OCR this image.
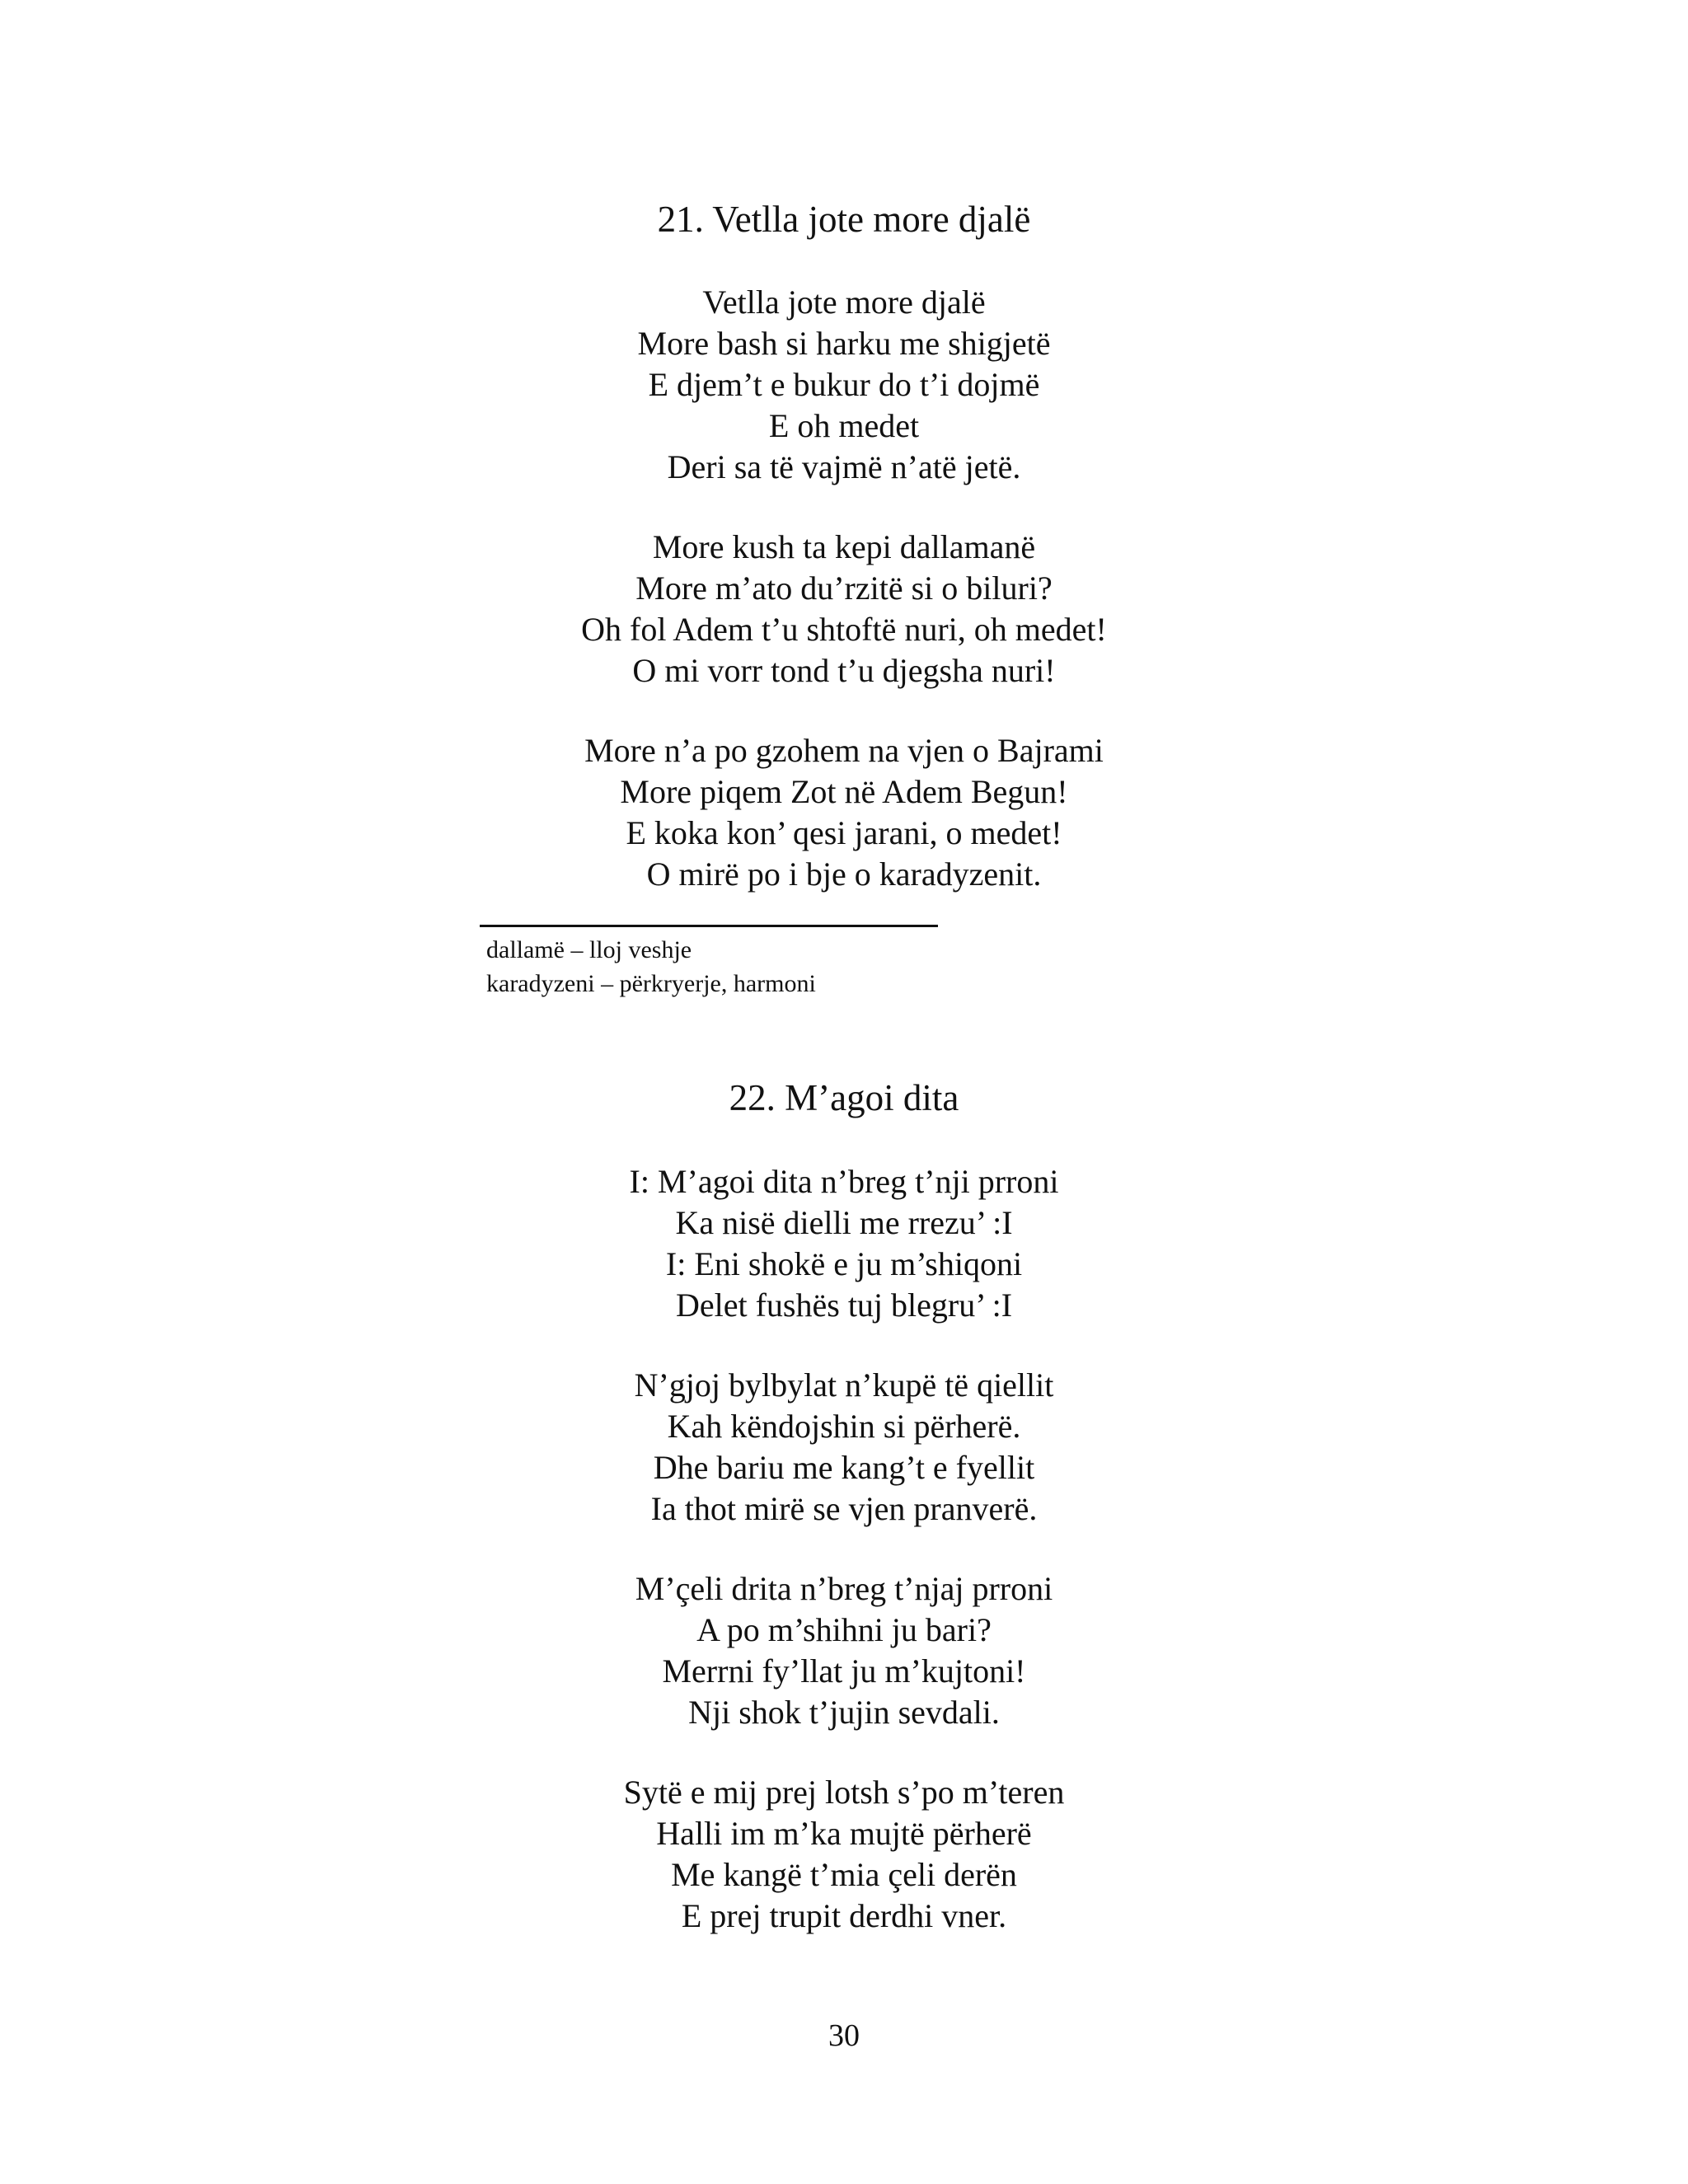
21. Vetlla jote more djalë
Vetlla jote more djalë
More bash si harku me shigjetë
E djem’t e bukur do t’i dojmë
E oh medet
Deri sa të vajmë n’atë jetë.
More kush ta kepi dallamanë
More m’ato du’rzitë si o biluri?
Oh fol Adem t’u shtoftë nuri, oh medet!
O mi vorr tond t’u djegsha nuri!
More n’a po gzohem na vjen o Bajrami
More piqem Zot në Adem Begun!
E koka kon’ qesi jarani, o medet!
O mirë po i bje o karadyzenit.
dallamë – lloj veshje
karadyzeni – përkryerje, harmoni
22. M’agoi dita
I: M’agoi dita n’breg t’nji prroni
Ka nisë dielli me rrezu’ :I
I: Eni shokë e ju m’shiqoni
Delet fushës tuj blegru’ :I
N’gjoj bylbylat n’kupë të qiellit
Kah këndojshin si përherë.
Dhe bariu me kang’t e fyellit
Ia thot mirë se vjen pranverë.
M’çeli drita n’breg t’njaj prroni
A po m’shihni ju bari?
Merrni fy’llat ju m’kujtoni!
Nji shok t’jujin sevdali.
Sytë e mij prej lotsh s’po m’teren
Halli im m’ka mujtë përherë
Me kangë t’mia çeli derën
E prej trupit derdhi vner.
30
